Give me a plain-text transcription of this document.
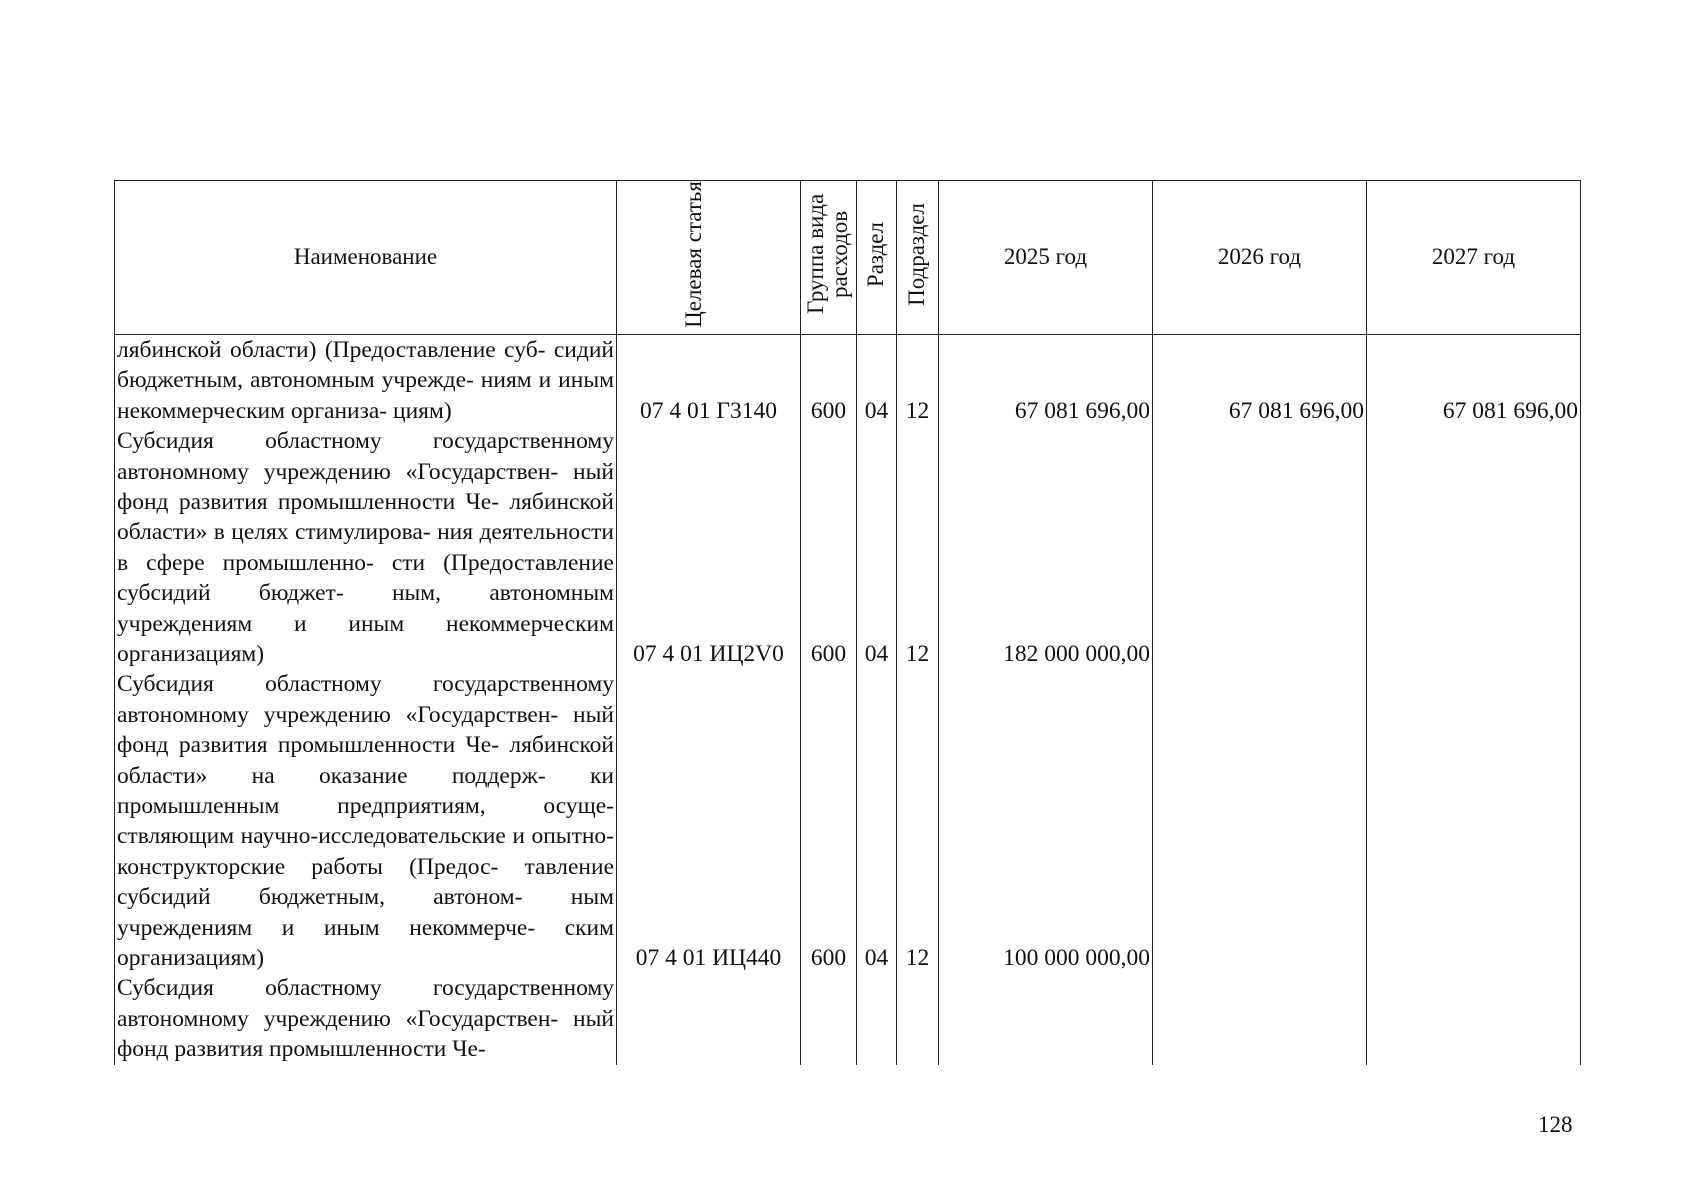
Наименование	Целевая статья	Группа вида расходов	Раздел	Подраздел	2025 год	2026 год	2027 год

лябинской области) (Предоставление суб- сидий бюджетным, автономным учрежде- ниям и иным некоммерческим организа- циям)	07 4 01 Г3140	600	04	12	67 081 696,00	67 081 696,00	67 081 696,00

Субсидия областному государственному автономному учреждению «Государствен- ный фонд развития промышленности Че- лябинской области» в целях стимулирова- ния деятельности в сфере промышленно- сти (Предоставление субсидий бюджет- ным, автономным учреждениям и иным некоммерческим организациям)	07 4 01 ИЦ2V0	600	04	12	182 000 000,00		

Субсидия областному государственному автономному учреждению «Государствен- ный фонд развития промышленности Че- лябинской области» на оказание поддерж- ки промышленным предприятиям, осуще- ствляющим научно-исследовательские и опытно-конструкторские работы (Предос- тавление субсидий бюджетным, автоном- ным учреждениям и иным некоммерче- ским организациям)	07 4 01 ИЦ440	600	04	12	100 000 000,00		

Субсидия областному государственному автономному учреждению «Государствен- ный фонд развития промышленности Че-							

128
